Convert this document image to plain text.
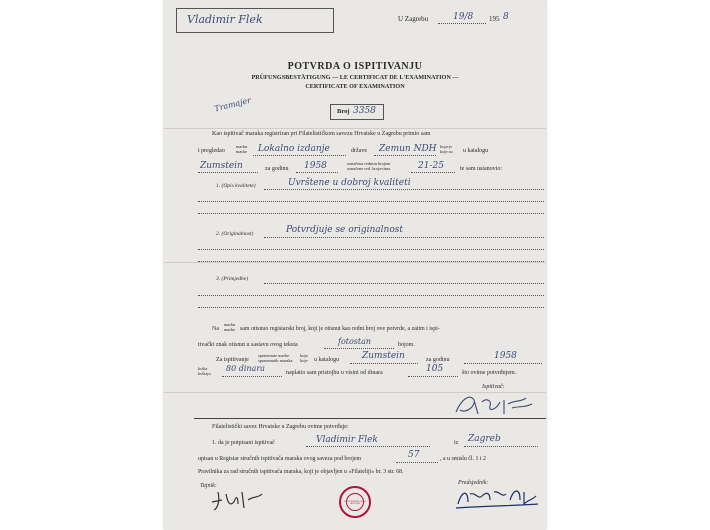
Vladimir Flek	U Zagrebu	19/8 195 8
POTVRDA O ISPITIVANJU
PRÜFUNGSBESTÄTIGUNG — LE CERTIFICAT DE L'EXAMINATION —
CERTIFICATE OF EXAMINATION
Tramajer	Broj 3358
Kao ispitivač maraka registriran pri Filatelističkom savezu Hrvatske u Zagrebu primio sam
i pregledao
marku
marke Lokalno izdanje	države Zemun NDH koja-je
koje su u katalogu
Zumstein	za godinu 1958	označena rednim brojem
označene red. brojevima	21-25	te sam ustanovio:
1. (Opis kvalitete)	Uvrštene u dobroj kvaliteti
2. (Originalnost)	Potvrdjuje se originalnost
3. (Primjedbe)
Na
marku
marke sam otisnuo registarski broj, koji je otisnut kao redni broj ove potvrde, a zatim i ispi-
tivački znak otisnut u sastavu ovog teksta	fotostan	bojom.
Za ispitivanje
spomenute marke
spomenutih maraka
koja
koje u katalogu	Zumstein	za godinu	1958
košta
koštaju
80 dinara	naplatio sam pristojbu u visini od dinara	105	što ovime potvrđujem.
Ispitivač:
Filatelistički savez Hrvatske u Zagrebu ovime potvrđuje:
1. da je potpisani ispitivač	Vladimir Flek	iz Zagreb
upisan u Registar stručnih ispitivača maraka ovog saveza pod brojem	57	, a u smislu čl. 1 i 2
Pravilnika za rad stručnih ispitivača maraka, koji je objavljen u »Filateliji« br. 3 str. 68.
Tajnik:	Predsjednik:
FILATELISTIČKI SAVEZ HRVATSKE
